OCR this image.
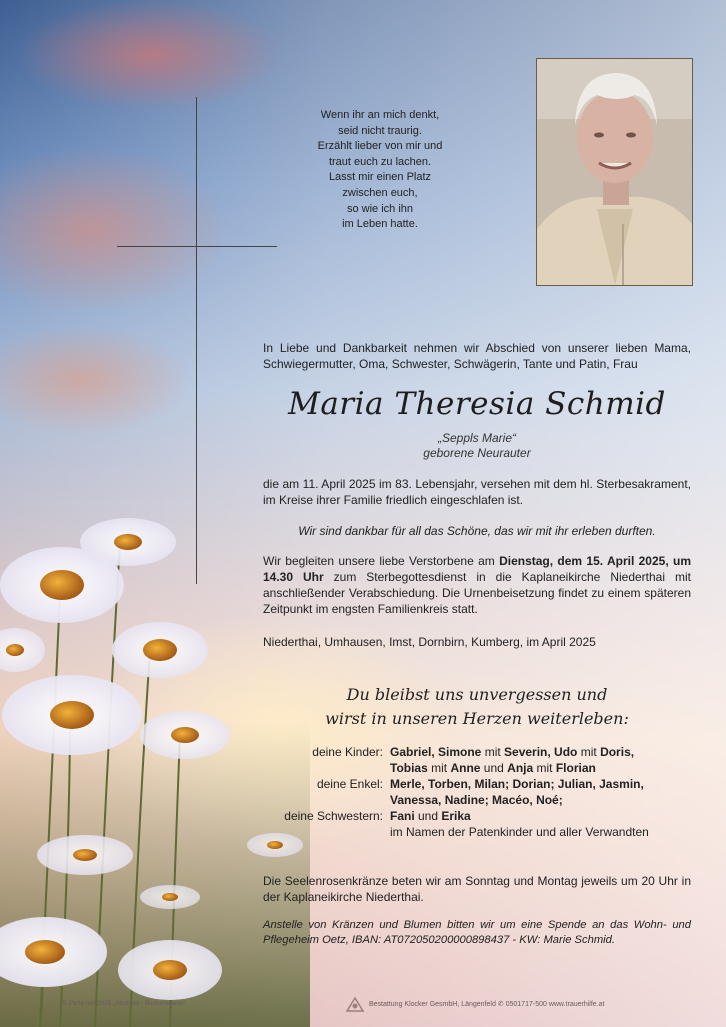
Wenn ihr an mich denkt,
seid nicht traurig.
Erzählt lieber von mir und
traut euch zu lachen.
Lasst mir einen Platz
zwischen euch,
so wie ich ihn
im Leben hatte.
In Liebe und Dankbarkeit nehmen wir Abschied von unserer lieben Mama, Schwiegermutter, Oma, Schwester, Schwägerin, Tante und Patin, Frau
Maria Theresia Schmid
„Seppls Marie“
geborene Neurauter
die am 11. April 2025 im 83. Lebensjahr, versehen mit dem hl. Sterbesakrament, im Kreise ihrer Familie friedlich eingeschlafen ist.
Wir sind dankbar für all das Schöne, das wir mit ihr erleben durften.
Wir begleiten unsere liebe Verstorbene am Dienstag, dem 15. April 2025, um 14.30 Uhr zum Sterbegottesdienst in die Kaplaneikirche Niederthai mit anschließender Verabschiedung. Die Urnenbeisetzung findet zu einem späteren Zeitpunkt im engsten Familienkreis statt.
Niederthai, Umhausen, Imst, Dornbirn, Kumberg, im April 2025
Du bleibst uns unvergessen und
wirst in unseren Herzen weiterleben:
deine Kinder: Gabriel, Simone mit Severin, Udo mit Doris,
Tobias mit Anne und Anja mit Florian
deine Enkel: Merle, Torben, Milan; Dorian; Julian, Jasmin,
Vanessa, Nadine; Macéo, Noé;
deine Schwestern: Fani und Erika
im Namen der Patenkinder und aller Verwandten
Die Seelenrosenkränze beten wir am Sonntag und Montag jeweils um 20 Uhr in der Kaplaneikirche Niederthai.
Anstelle von Kränzen und Blumen bitten wir um eine Spende an das Wohn- und Pflegeheim Oetz, IBAN: AT072050200000898437 - KW: Marie Schmid.
© Parte.net 2025 „Abstrakt - Blumenwiese“	Bestattung Klocker GesmbH, Längenfeld ✆ 0501717-500 www.trauerhilfe.at
